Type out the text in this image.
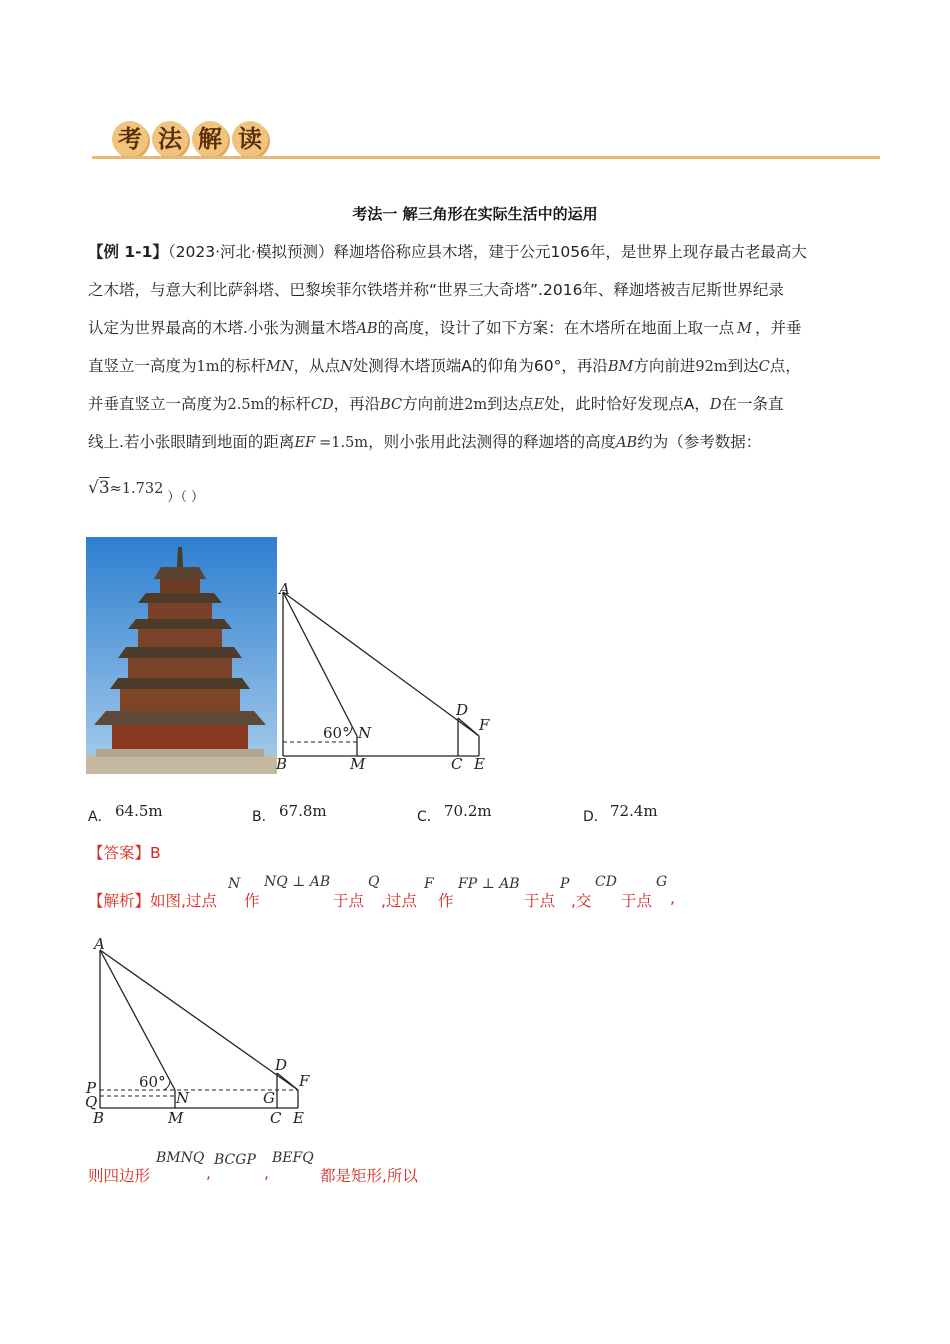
考 法 解 读
考法一 解三角形在实际生活中的运用
【例 1-1】（2023·河北·模拟预测）释迦塔俗称应县木塔，建于公元1056年，是世界上现存最古老最高大
之木塔，与意大利比萨斜塔、巴黎埃菲尔铁塔并称“世界三大奇塔”.2016年、释迦塔被吉尼斯世界纪录
认定为世界最高的木塔.小张为测量木塔AB的高度，设计了如下方案：在木塔所在地面上取一点 M ，并垂
直竖立一高度为1m的标杆MN，从点N处测得木塔顶端A的仰角为60°，再沿BM方向前进92m到达C点，
并垂直竖立一高度为2.5m的标杆CD，再沿BC方向前进2m到达点E处，此时恰好发现点A，D在一条直
线上.若小张眼睛到地面的距离EF =1.5m，则小张用此法测得的释迦塔的高度AB约为（参考数据：
$√3\approx 1.732_{)( )}$
A
B	M
N
60°
C
D
E
F
A． 64.5m	B． 67.8m	C． 70.2m	D． 72.4m
【答案】B
【解析】 如图,过点
N
作
NQ ⊥ AB
于点
Q
,过点
F
作
FP ⊥ AB
于点
P
,交
CD
于点
G
,
A
P
Q
B	M
N
60°
G
C
D
E
F
则四边形
BMNQ
,
BCGP
,
BEFQ
都是矩形,所以
